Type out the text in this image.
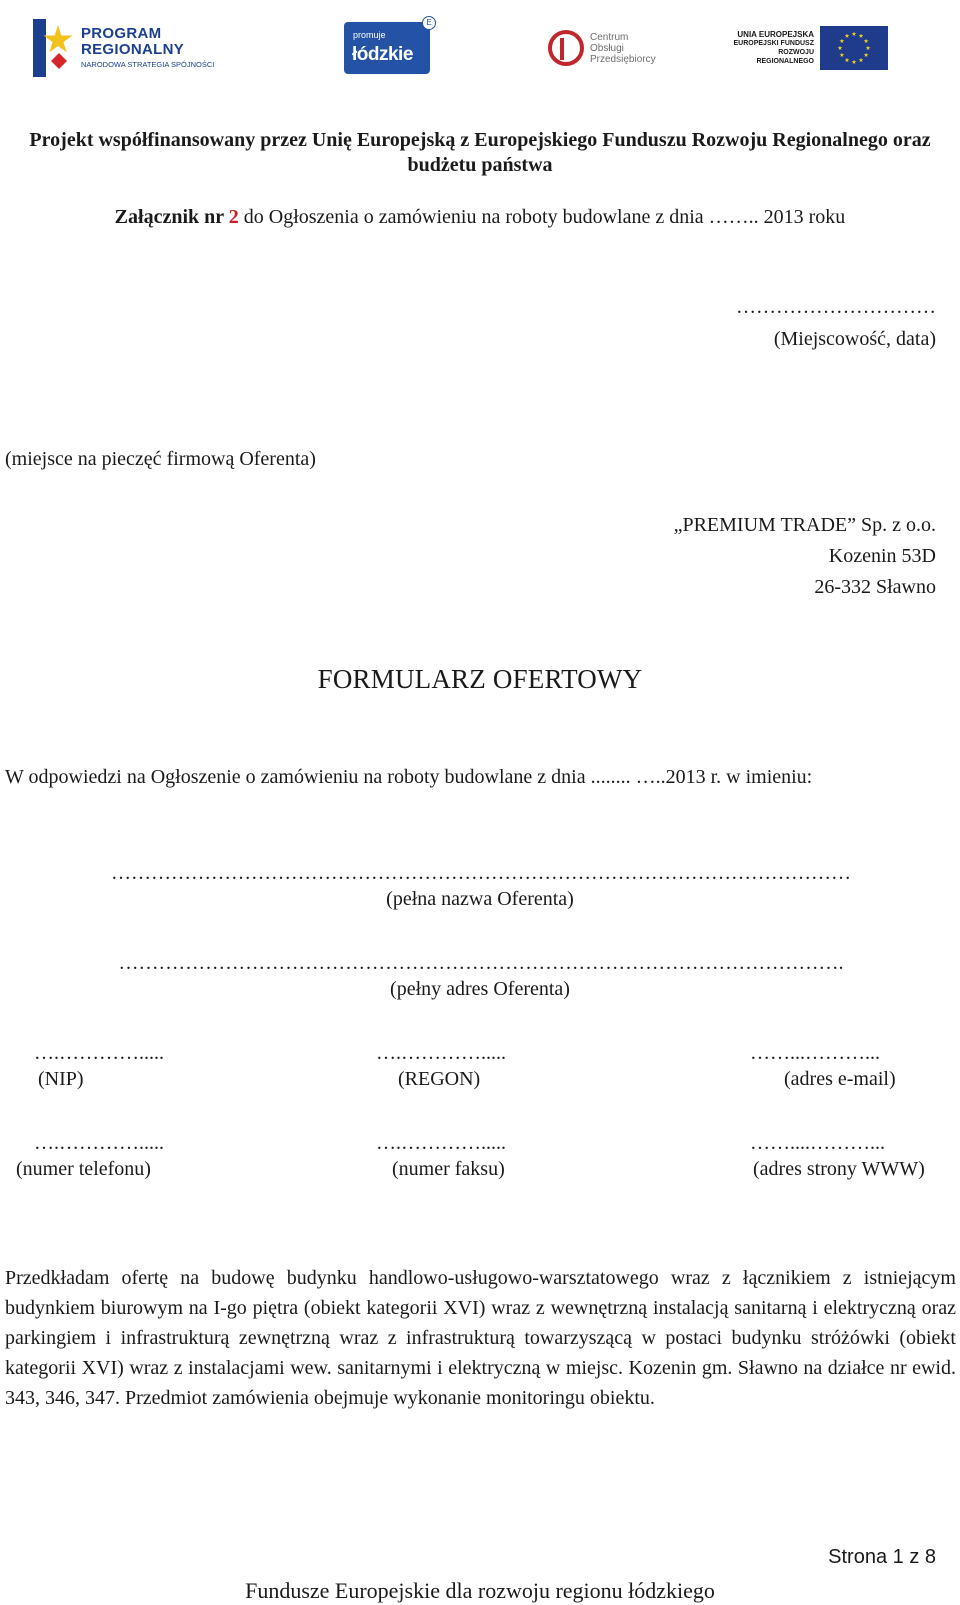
PROGRAM
REGIONALNY
NARODOWA STRATEGIA SPÓJNOŚCI
promuje
łódzkie
E
Centrum
Obsługi
Przedsiębiorcy
UNIA EUROPEJSKA
EUROPEJSKI FUNDUSZ
ROZWOJU REGIONALNEGO
Projekt współfinansowany przez Unię Europejską z Europejskiego Funduszu Rozwoju Regionalnego oraz
budżetu państwa
Załącznik nr 2 do Ogłoszenia o zamówieniu na roboty budowlane z dnia …….. 2013 roku
…………………………
(Miejscowość, data)
(miejsce na pieczęć firmową Oferenta)
„PREMIUM TRADE” Sp. z o.o.
Kozenin 53D
26-332 Sławno
FORMULARZ OFERTOWY
W odpowiedzi na Ogłoszenie o zamówieniu na roboty budowlane z dnia ........ …..2013 r. w imieniu:
…………………………………………………………………………………………………
(pełna nazwa Oferenta)
……………………………………………………………………………………………….
(pełny adres Oferenta)
….………….....
(NIP)
….………….....
(REGON)
……...………...
(adres e-mail)
….………….....
(numer telefonu)
….………….....
(numer faksu)
……....………...
(adres strony WWW)
Przedkładam ofertę na budowę budynku handlowo-usługowo-warsztatowego wraz z łącznikiem z istniejącym budynkiem biurowym na I-go piętra (obiekt kategorii XVI) wraz z wewnętrzną instalacją sanitarną i elektryczną oraz parkingiem i infrastrukturą zewnętrzną wraz z infrastrukturą towarzyszącą w postaci budynku stróżówki (obiekt kategorii XVI) wraz z instalacjami wew. sanitarnymi i elektryczną w miejsc. Kozenin gm. Sławno na działce nr ewid. 343, 346, 347. Przedmiot zamówienia obejmuje wykonanie monitoringu obiektu.
Strona 1 z 8
Fundusze Europejskie dla rozwoju regionu łódzkiego
